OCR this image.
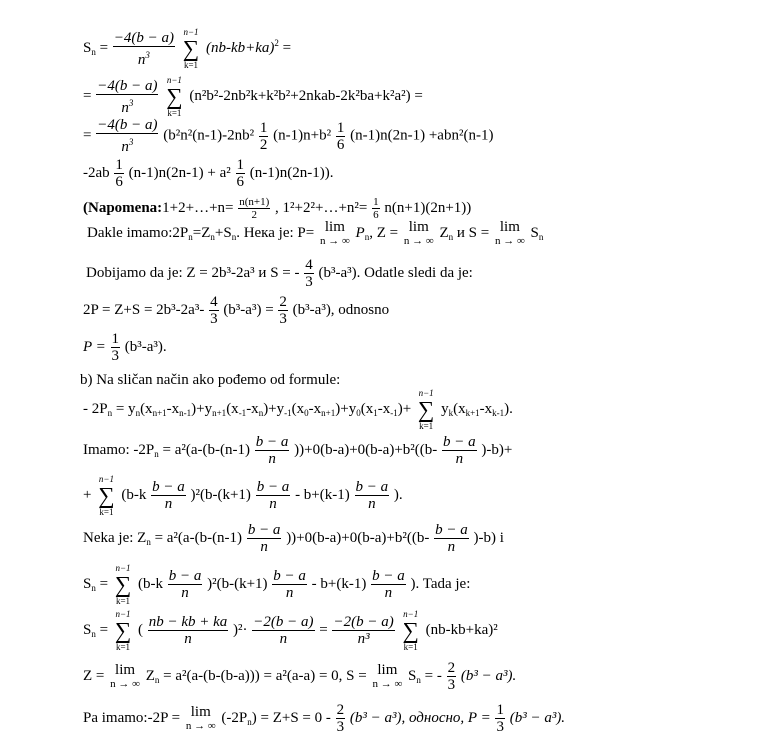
$S_n = \frac{-4(b - a)}{n^3}$
n−1
∑
k=1
$(nb-kb+ka)^2$ =
= $\frac{-4(b - a)}{n^3}$
n−1
∑
k=1
(n²b²-2nb²k+k²b²+2nkab-2k²ba+k²a²) =
= $\frac{-4(b - a)}{n^3} (b^2n^2(n-1)-2nb^2 \frac{1}{2} (n-1)n+b^2 \frac{1}{6} (n-1)n(2n-1) +abn^2(n-1)$
$-2ab \frac{1}{6} (n-1)n(2n-1) + a^2 \frac{1}{6} (n-1)n(2n-1)$).
(Napomena:1+2+…+n= $\frac{n(n+1)}{2}$ , 1²+2²+…+n²= $\frac{1}{6} n(n+1)(2n+1)$)
Dakle $imamo:2P_n=Z_n+S_n$. Нека је: P= lim
n → ∞
$P_n$, Z = lim
n → ∞
$Z_n$ и S = lim
n → ∞
$S_n$
Dobijamo da je: Z = 2b³-2a³ и S = - $\frac{4}{3} (b^3-a^3)$. Odatle sledi da je:
$2P = Z+S = 2b^3-2a^3- \frac{4}{3} (b^3-a^3) = \frac{2}{3} (b^3-a^3)$, odnosno
$P = \frac{1}{3} (b^3-a^3)$.
b) Na sličan način ako pođemo od formule:
- $2P_n = y_n(x_{n+1}-x_{n-1})+y_{n+1}(x_{-1}-x_n)+y_{-1}(x_0-x_{n+1})+y_0(x_1-x_{-1})+$
n−1
∑
k=1
$y_k(x_{k+1}-x_{k-1})$.
Imamo: $-2P_n = a^2(a-(b-(n-1) \frac{b - a}{n} ))+0(b-a)+0(b-a)+b^2((b- \frac{b - a}{n} )-b)+$
+
n−1
∑
k=1
$(b-k \frac{b - a}{n} )^2(b-(k+1) \frac{b - a}{n} - b+(k-1) \frac{b - a}{n}$ ).
Neka je: $Z_n = a^2(a-(b-(n-1) \frac{b - a}{n} ))+0(b-a)+0(b-a)+b^2((b- \frac{b - a}{n} )-b)$ i
$S_n$ =
n−1
∑
k=1
$(b-k \frac{b - a}{n} )^2(b-(k+1) \frac{b - a}{n} - b+(k-1) \frac{b - a}{n}$ ). Tada je:
$S_n$ =
n−1
∑
k=1
( $\frac{nb - kb + ka}{n} )^2\cdot \frac{-2(b - a)}{n} = \frac{-2(b - a)}{\text{n³}}$
n−1
∑
k=1
(nb-kb+ka)²
Z = lim
n → ∞
$Z_n = a^2(a-(b-(b-a))) = a^2(a-a) = 0$, S = lim
n → ∞
$S_n$ = - $\frac{2}{3} (b^3 - a^3)$.
Pa imamo:-2P = lim
n → ∞
$(-2P_n) = Z+S = 0 - \frac{2}{3} (b^3 - a^3)$, односно, $P = \frac{1}{3} (b^3 - a^3)$.
